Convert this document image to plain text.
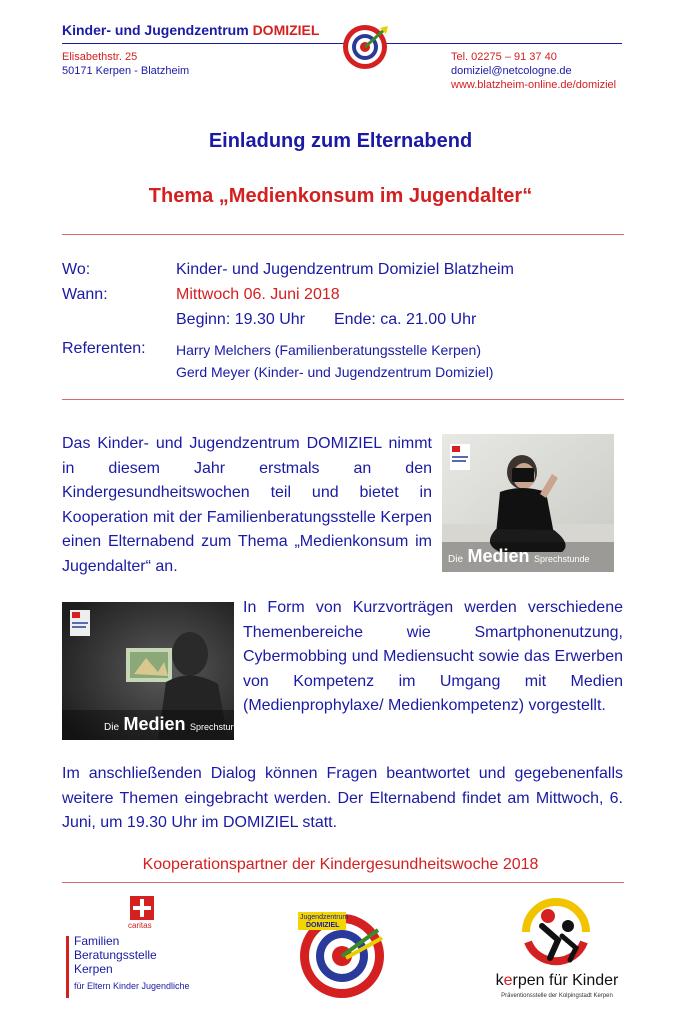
Kinder- und Jugendzentrum DOMIZIEL
Elisabethstr. 25
50171 Kerpen - Blatzheim
Tel. 02275 – 91 37 40
domiziel@netcologne.de
www.blatzheim-online.de/domiziel
Einladung zum Elternabend
Thema „Medienkonsum im Jugendalter“
Wo:	Kinder- und Jugendzentrum Domiziel Blatzheim
Wann:	Mittwoch 06. Juni 2018
Beginn: 19.30 Uhr Ende: ca. 21.00 Uhr
Referenten: Harry Melchers (Familienberatungsstelle Kerpen)
Gerd Meyer (Kinder- und Jugendzentrum Domiziel)
Das Kinder- und Jugendzentrum DOMIZIEL nimmt in diesem Jahr erstmals an den Kindergesundheitswochen teil und bietet in Kooperation mit der Familienberatungsstelle Kerpen einen Elternabend zum Thema „Medienkonsum im Jugendalter“ an.	Die Medien Sprechstunde
Die Medien Sprechstunde
In Form von Kurzvorträgen werden verschiedene Themenbereiche wie Smartphonenutzung, Cybermobbing und Mediensucht sowie das Erwerben von Kompetenz im Umgang mit Medien (Medienprophylaxe/ Medienkompetenz) vorgestellt.
Im anschließenden Dialog können Fragen beantwortet und gegebenenfalls weitere Themen eingebracht werden. Der Elternabend findet am Mittwoch, 6. Juni, um 19.30 Uhr im DOMIZIEL statt.
Kooperationspartner der Kindergesundheitswoche 2018
caritas
Familien
Beratungsstelle
Kerpen
für Eltern Kinder Jugendliche
Jugendzentrum
DOMIZIEL
kerpen für Kinder
Präventionsstelle der Kolpingstadt Kerpen
